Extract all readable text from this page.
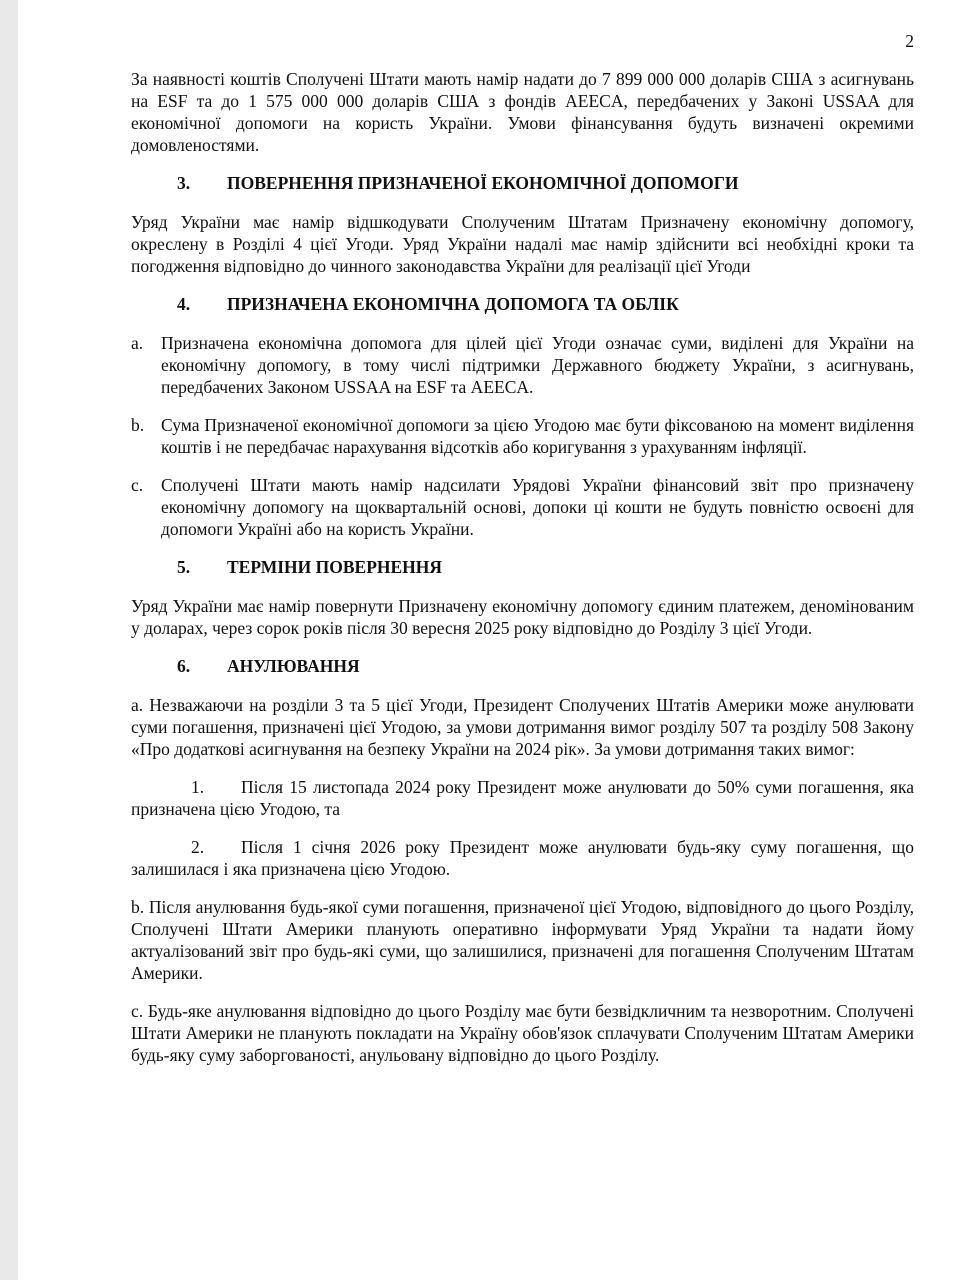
2

За наявності коштів Сполучені Штати мають намір надати до 7 899 000 000 доларів США з асигнувань на ESF та до 1 575 000 000 доларів США з фондів AEECA, передбачених у Законі USSAA для економічної допомоги на користь України. Умови фінансування будуть визначені окремими домовленостями.

3.	ПОВЕРНЕННЯ ПРИЗНАЧЕНОЇ ЕКОНОМІЧНОЇ ДОПОМОГИ

Уряд України має намір відшкодувати Сполученим Штатам Призначену економічну допомогу, окреслену в Розділі 4 цієї Угоди. Уряд України надалі має намір здійснити всі необхідні кроки та погодження відповідно до чинного законодавства України для реалізації цієї Угоди

4.	ПРИЗНАЧЕНА ЕКОНОМІЧНА ДОПОМОГА ТА ОБЛІК
a.	Призначена економічна допомога для цілей цієї Угоди означає суми, виділені для України на економічну допомогу, в тому числі підтримки Державного бюджету України, з асигнувань, передбачених Законом USSAA на ESF та AEECA.
b. Сума Призначеної економічної допомоги за цією Угодою має бути фіксованою на момент виділення коштів і не передбачає нарахування відсотків або коригування з урахуванням інфляції.
c.	Сполучені Штати мають намір надсилати Урядові України фінансовий звіт про призначену економічну допомогу на щоквартальній основі, допоки ці кошти не будуть повністю освоєні для допомоги Україні або на користь України.
5.	ТЕРМІНИ ПОВЕРНЕННЯ

Уряд України має намір повернути Призначену економічну допомогу єдиним платежем, деномінованим у доларах, через сорок років після 30 вересня 2025 року відповідно до Розділу 3 цієї Угоди.

6.	АНУЛЮВАННЯ

a. Незважаючи на розділи 3 та 5 цієї Угоди, Президент Сполучених Штатів Америки може анулювати суми погашення, призначені цієї Угодою, за умови дотримання вимог розділу 507 та розділу 508 Закону «Про додаткові асигнування на безпеку України на 2024 рік». За умови дотримання таких вимог:

1. Після 15 листопада 2024 року Президент може анулювати до 50% суми погашення, яка призначена цією Угодою, та

2. Після 1 січня 2026 року Президент може анулювати будь-яку суму погашення, що залишилася і яка призначена цією Угодою.

b. Після анулювання будь-якої суми погашення, призначеної цієї Угодою, відповідного до цього Розділу, Сполучені Штати Америки планують оперативно інформувати Уряд України та надати йому актуалізований звіт про будь-які суми, що залишилися, призначені для погашення Сполученим Штатам Америки.

c. Будь-яке анулювання відповідно до цього Розділу має бути безвідкличним та незворотним. Сполучені Штати Америки не планують покладати на Україну обов'язок сплачувати Сполученим Штатам Америки будь-яку суму заборгованості, анульовану відповідно до цього Розділу.
